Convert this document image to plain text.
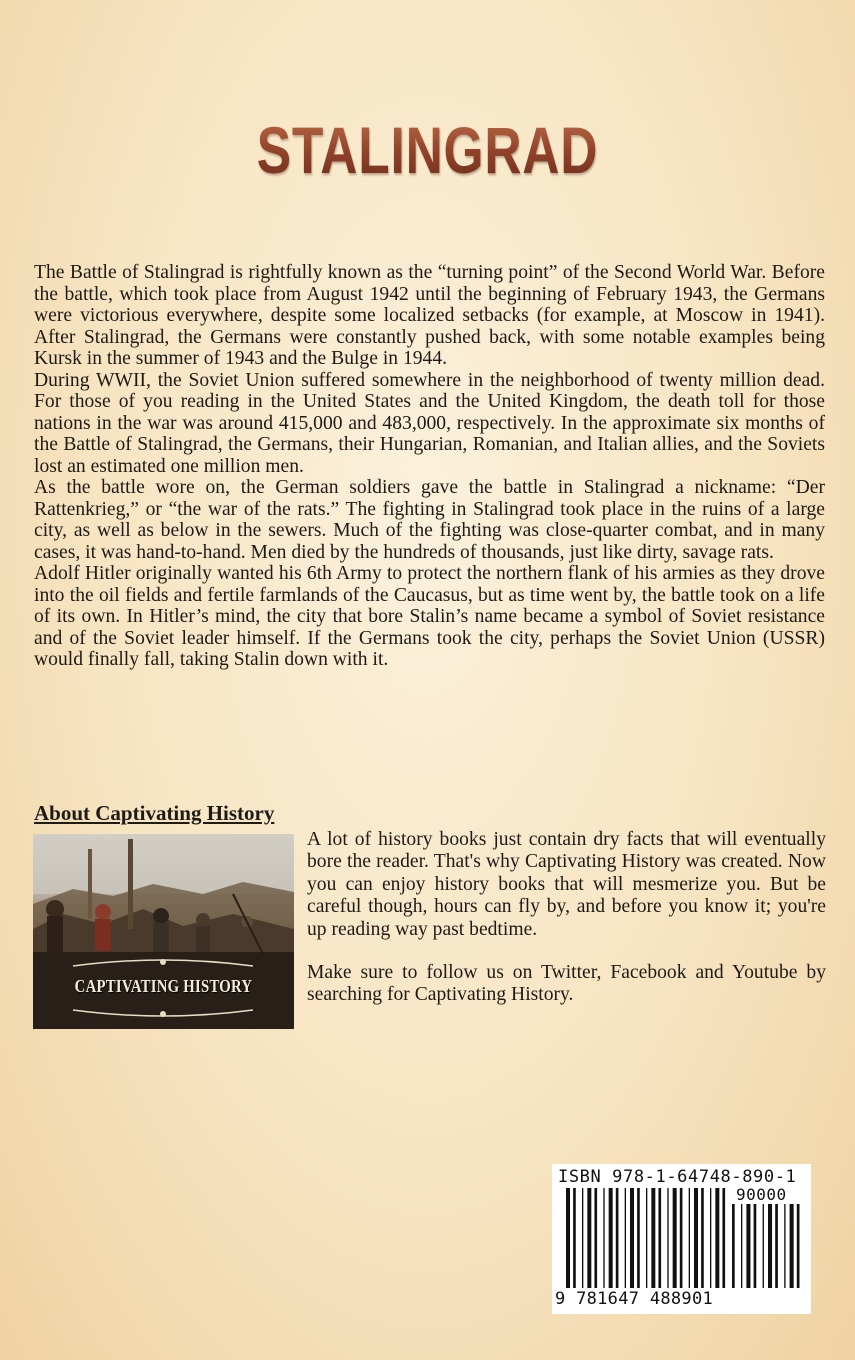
STALINGRAD

The Battle of Stalingrad is rightfully known as the “turning point” of the Second World War. Before the battle, which took place from August 1942 until the beginning of February 1943, the Germans were victorious everywhere, despite some localized setbacks (for example, at Moscow in 1941). After Stalingrad, the Germans were constantly pushed back, with some notable examples being Kursk in the summer of 1943 and the Bulge in 1944.

During WWII, the Soviet Union suffered somewhere in the neighborhood of twenty million dead. For those of you reading in the United States and the United Kingdom, the death toll for those nations in the war was around 415,000 and 483,000, respectively. In the approximate six months of the Battle of Stalingrad, the Germans, their Hungarian, Romanian, and Italian allies, and the Soviets lost an estimated one million men.

As the battle wore on, the German soldiers gave the battle in Stalingrad a nickname: “Der Rattenkrieg,” or “the war of the rats.” The fighting in Stalingrad took place in the ruins of a large city, as well as below in the sewers. Much of the fighting was close-quarter combat, and in many cases, it was hand-to-hand. Men died by the hundreds of thousands, just like dirty, savage rats.

Adolf Hitler originally wanted his 6th Army to protect the northern flank of his armies as they drove into the oil fields and fertile farmlands of the Caucasus, but as time went by, the battle took on a life of its own. In Hitler’s mind, the city that bore Stalin’s name became a symbol of Soviet resistance and of the Soviet leader himself. If the Germans took the city, perhaps the Soviet Union (USSR) would finally fall, taking Stalin down with it.

About Captivating History
CAPTIVATING HISTORY

A lot of history books just contain dry facts that will eventually bore the reader. That's why Captivating History was created. Now you can enjoy history books that will mesmerize you. But be careful though, hours can fly by, and before you know it; you're up reading way past bedtime.

Make sure to follow us on Twitter, Facebook and Youtube by searching for Captivating History.

ISBN 978-1-64748-890-1
90000
9 781647 488901
